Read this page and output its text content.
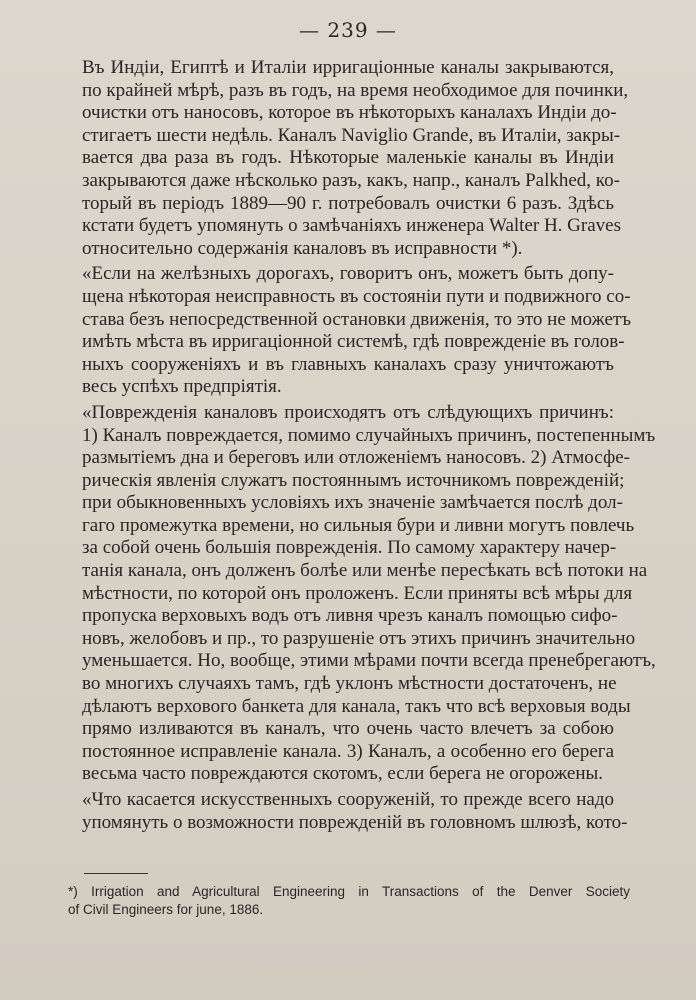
— 239 —
Въ Индіи, Египтѣ и Италіи ирригаціонные каналы закрываются,
по крайней мѣрѣ, разъ въ годъ, на время необходимое для починки,
очистки отъ наносовъ, которое въ нѣкоторыхъ каналахъ Индіи до-
стигаетъ шести недѣль. Каналъ Naviglio Grande, въ Италіи, закры-
вается два раза въ годъ. Нѣкоторые маленькіе каналы въ Индіи
закрываются даже нѣсколько разъ, какъ, напр., каналъ Palkhed, ко-
торый въ періодъ 1889—90 г. потребовалъ очистки 6 разъ. Здѣсь
кстати будетъ упомянуть о замѣчаніяхъ инженера Walter H. Graves
относительно содержанія каналовъ въ исправности *).
«Если на желѣзныхъ дорогахъ, говоритъ онъ, можетъ быть допу-
щена нѣкоторая неисправность въ состояніи пути и подвижного со-
става безъ непосредственной остановки движенія, то это не можетъ
имѣть мѣста въ ирригаціонной системѣ, гдѣ поврежденіе въ голов-
ныхъ сооруженіяхъ и въ главныхъ каналахъ сразу уничтожаютъ
весь успѣхъ предпріятія.
«Поврежденія каналовъ происходятъ отъ слѣдующихъ причинъ:
1) Каналъ повреждается, помимо случайныхъ причинъ, постепеннымъ
размытіемъ дна и береговъ или отложеніемъ наносовъ. 2) Атмосфе-
рическія явленія служатъ постояннымъ источникомъ поврежденій;
при обыкновенныхъ условіяхъ ихъ значеніе замѣчается послѣ дол-
гаго промежутка времени, но сильныя бури и ливни могутъ повлечь
за собой очень большія поврежденія. По самому характеру начер-
танія канала, онъ долженъ болѣе или менѣе пересѣкать всѣ потоки на
мѣстности, по которой онъ проложенъ. Если приняты всѣ мѣры для
пропуска верховыхъ водъ отъ ливня чрезъ каналъ помощью сифо-
новъ, желобовъ и пр., то разрушеніе отъ этихъ причинъ значительно
уменьшается. Но, вообще, этими мѣрами почти всегда пренебрегаютъ,
во многихъ случаяхъ тамъ, гдѣ уклонъ мѣстности достаточенъ, не
дѣлаютъ верхового банкета для канала, такъ что всѣ верховыя воды
прямо изливаются въ каналъ, что очень часто влечетъ за собою
постоянное исправленіе канала. 3) Каналъ, а особенно его берега
весьма часто повреждаются скотомъ, если берега не огорожены.
«Что касается искусственныхъ сооруженій, то прежде всего надо
упомянуть о возможности поврежденій въ головномъ шлюзѣ, кото-
*) Irrigation and Agricultural Engineering in Transactions of the Denver Society
of Civil Engineers for june, 1886.
